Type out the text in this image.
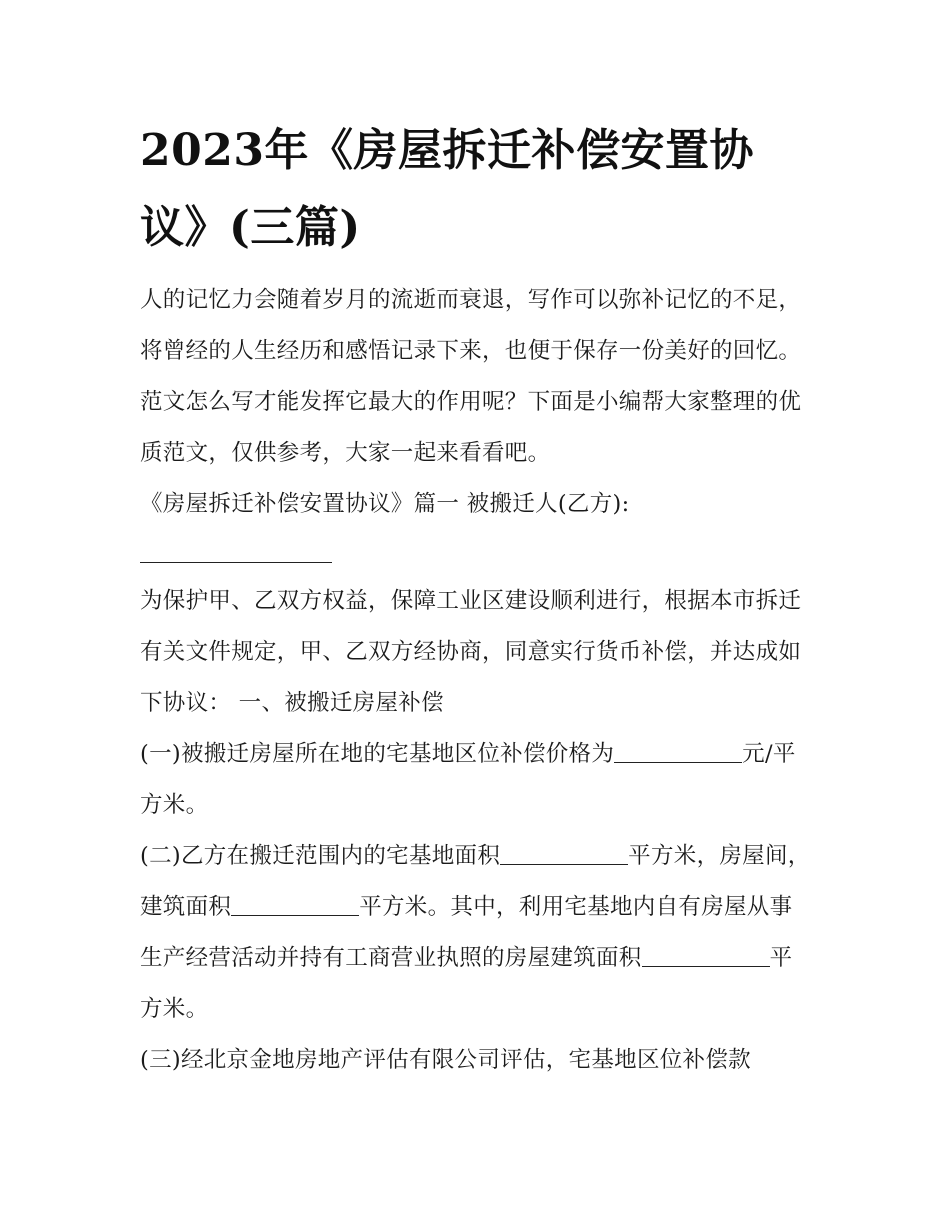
2023年《房屋拆迁补偿安置协议》(三篇)

人的记忆力会随着岁月的流逝而衰退，写作可以弥补记忆的不足，将曾经的人生经历和感悟记录下来，也便于保存一份美好的回忆。范文怎么写才能发挥它最大的作用呢？下面是小编帮大家整理的优质范文，仅供参考，大家一起来看看吧。

《房屋拆迁补偿安置协议》篇一 被搬迁人(乙方):

为保护甲、乙双方权益，保障工业区建设顺利进行，根据本市拆迁有关文件规定，甲、乙双方经协商，同意实行货币补偿，并达成如下协议： 一、被搬迁房屋补偿

(一)被搬迁房屋所在地的宅基地区位补偿价格为	元/平方米。

(二)乙方在搬迁范围内的宅基地面积	平方米，房屋间，建筑面积	平方米。其中，利用宅基地内自有房屋从事生产经营活动并持有工商营业执照的房屋建筑面积	平方米。

(三)经北京金地房地产评估有限公司评估，宅基地区位补偿款
